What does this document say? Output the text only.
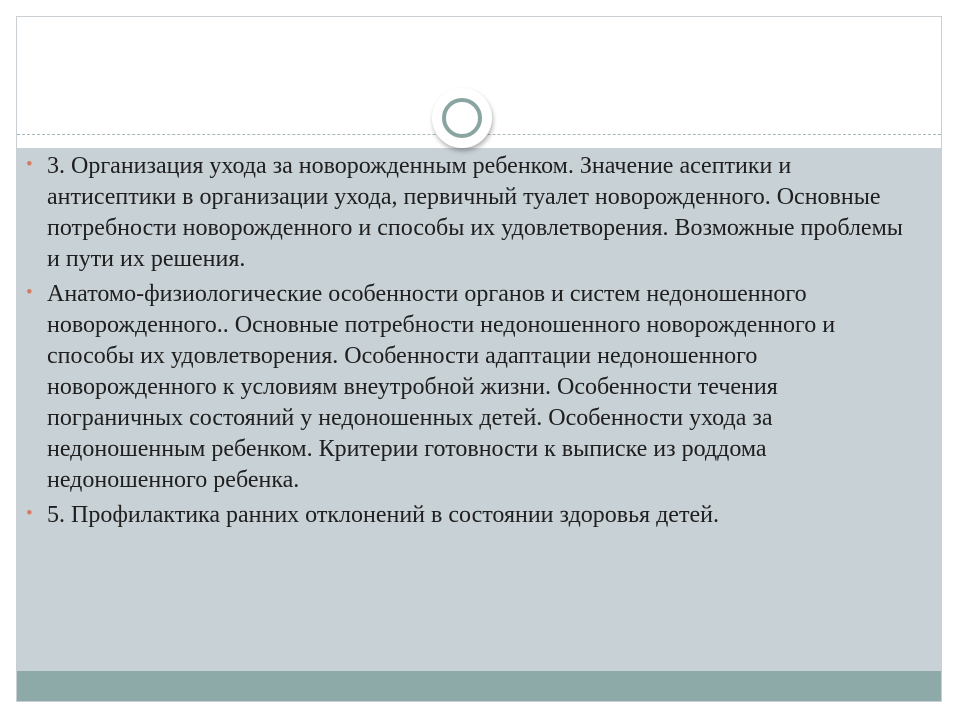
• 3. Организация ухода за новорожденным ребенком. Значение асептики и антисептики в организации ухода, первичный туалет новорожденного. Основные потребности новорожденного и способы их удовлетворения. Возможные проблемы и пути их решения.
• Анатомо-физиологические особенности органов и систем недоношенного новорожденного.. Основные потребности недоношенного новорожденного и способы их удовлетворения. Особенности адаптации недоношенного новорожденного к условиям внеутробной жизни. Особенности течения пограничных состояний у недоношенных детей. Особенности ухода за недоношенным ребенком. Критерии готовности к выписке из роддома недоношенного ребенка.
• 5. Профилактика ранних отклонений в состоянии здоровья детей.
